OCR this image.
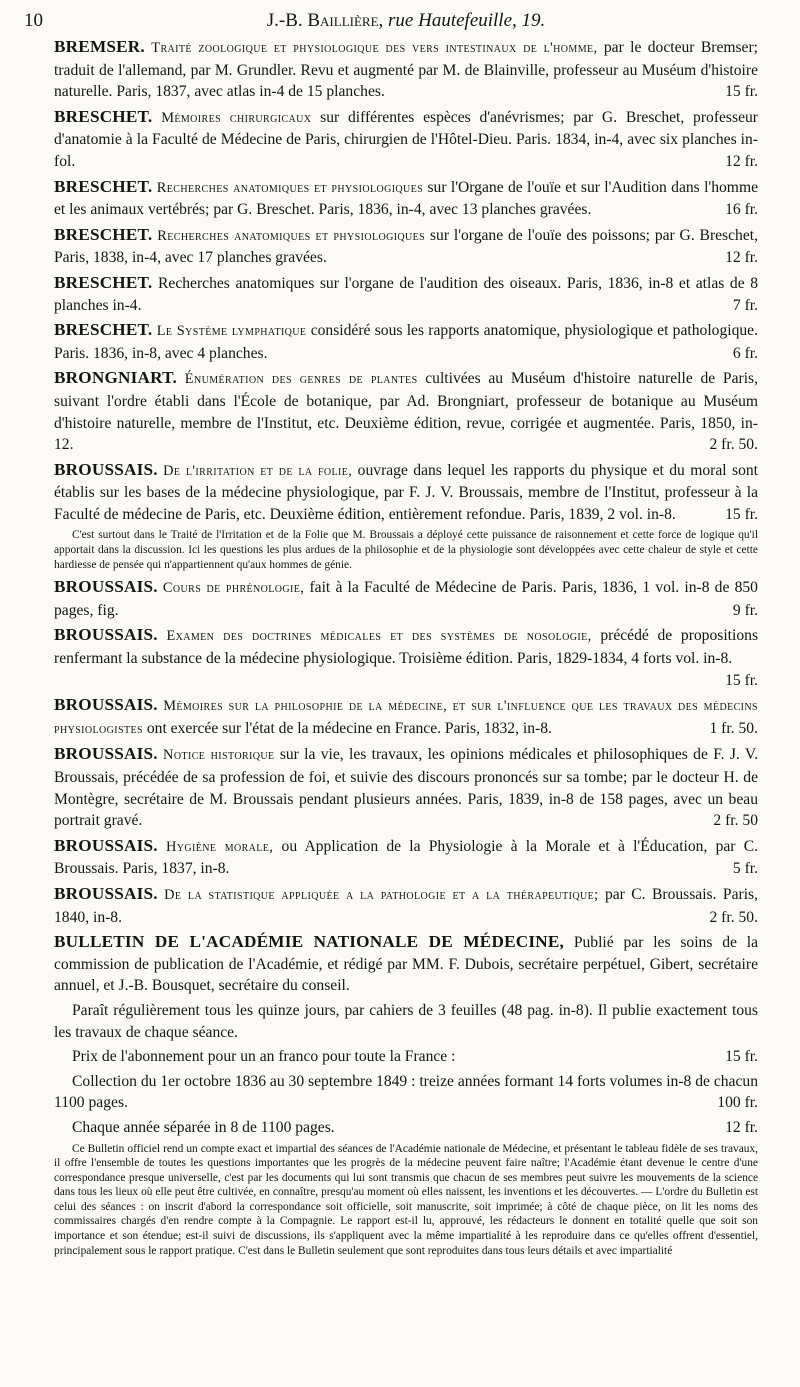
10	J.-B. Baillière, rue Hautefeuille, 19.

BREMSER. Traité zoologique et physiologique des vers intestinaux de l'homme, par le docteur Bremser; traduit de l'allemand, par M. Grundler. Revu et augmenté par M. de Blainville, professeur au Muséum d'histoire naturelle. Paris, 1837, avec atlas in-4 de 15 planches.	15 fr.

BRESCHET. Mémoires chirurgicaux sur différentes espèces d'anévrismes; par G. Breschet, professeur d'anatomie à la Faculté de Médecine de Paris, chirurgien de l'Hôtel-Dieu. Paris. 1834, in-4, avec six planches in-fol.	12 fr.

BRESCHET. Recherches anatomiques et physiologiques sur l'Organe de l'ouïe et sur l'Audition dans l'homme et les animaux vertébrés; par G. Breschet. Paris, 1836, in-4, avec 13 planches gravées.	16 fr.

BRESCHET. Recherches anatomiques et physiologiques sur l'organe de l'ouïe des poissons; par G. Breschet, Paris, 1838, in-4, avec 17 planches gravées.	12 fr.

BRESCHET. Recherches anatomiques sur l'organe de l'audition des oiseaux. Paris, 1836, in-8 et atlas de 8 planches in-4.	7 fr.

BRESCHET. Le Système lymphatique considéré sous les rapports anatomique, physiologique et pathologique. Paris. 1836, in-8, avec 4 planches.	6 fr.

BRONGNIART. Énumération des genres de plantes cultivées au Muséum d'histoire naturelle de Paris, suivant l'ordre établi dans l'École de botanique, par Ad. Brongniart, professeur de botanique au Muséum d'histoire naturelle, membre de l'Institut, etc. Deuxième édition, revue, corrigée et augmentée. Paris, 1850, in-12.	2 fr. 50.

BROUSSAIS. De l'irritation et de la folie, ouvrage dans lequel les rapports du physique et du moral sont établis sur les bases de la médecine physiologique, par F. J. V. Broussais, membre de l'Institut, professeur à la Faculté de médecine de Paris, etc. Deuxième édition, entièrement refondue. Paris, 1839, 2 vol. in-8.	15 fr.

C'est surtout dans le Traité de l'Irritation et de la Folie que M. Broussais a déployé cette puissance de raisonnement et cette force de logique qu'il apportait dans la discussion. Ici les questions les plus ardues de la philosophie et de la physiologie sont développées avec cette chaleur de style et cette hardiesse de pensée qui n'appartiennent qu'aux hommes de génie.

BROUSSAIS. Cours de phrénologie, fait à la Faculté de Médecine de Paris. Paris, 1836, 1 vol. in-8 de 850 pages, fig.	9 fr.

BROUSSAIS. Examen des doctrines médicales et des systèmes de nosologie, précédé de propositions renfermant la substance de la médecine physiologique. Troisième édition. Paris, 1829-1834, 4 forts vol. in-8.
15 fr.

BROUSSAIS. Mémoires sur la philosophie de la médecine, et sur l'influence que les travaux des médecins physiologistes ont exercée sur l'état de la médecine en France. Paris, 1832, in-8.	1 fr. 50.

BROUSSAIS. Notice historique sur la vie, les travaux, les opinions médicales et philosophiques de F. J. V. Broussais, précédée de sa profession de foi, et suivie des discours prononcés sur sa tombe; par le docteur H. de Montègre, secrétaire de M. Broussais pendant plusieurs années. Paris, 1839, in-8 de 158 pages, avec un beau portrait gravé.	2 fr. 50

BROUSSAIS. Hygiène morale, ou Application de la Physiologie à la Morale et à l'Éducation, par C. Broussais. Paris, 1837, in-8.	5 fr.

BROUSSAIS. De la statistique appliquée a la pathologie et a la thérapeutique; par C. Broussais. Paris, 1840, in-8.	2 fr. 50.

BULLETIN DE L'ACADÉMIE NATIONALE DE MÉDECINE, Publié par les soins de la commission de publication de l'Académie, et rédigé par MM. F. Dubois, secrétaire perpétuel, Gibert, secrétaire annuel, et J.-B. Bousquet, secrétaire du conseil.

Paraît régulièrement tous les quinze jours, par cahiers de 3 feuilles (48 pag. in-8). Il publie exactement tous les travaux de chaque séance.

Prix de l'abonnement pour un an franco pour toute la France :	15 fr.

Collection du 1er octobre 1836 au 30 septembre 1849 : treize années formant 14 forts volumes in-8 de chacun 1100 pages.	100 fr.

Chaque année séparée in 8 de 1100 pages.	12 fr.

Ce Bulletin officiel rend un compte exact et impartial des séances de l'Académie nationale de Médecine, et présentant le tableau fidèle de ses travaux, il offre l'ensemble de toutes les questions importantes que les progrès de la médecine peuvent faire naître; l'Académie étant devenue le centre d'une correspondance presque universelle, c'est par les documents qui lui sont transmis que chacun de ses membres peut suivre les mouvements de la science dans tous les lieux où elle peut être cultivée, en connaître, presqu'au moment où elles naissent, les inventions et les découvertes. — L'ordre du Bulletin est celui des séances : on inscrit d'abord la correspondance soit officielle, soit manuscrite, soit imprimée; à côté de chaque pièce, on lit les noms des commissaires chargés d'en rendre compte à la Compagnie. Le rapport est-il lu, approuvé, les rédacteurs le donnent en totalité quelle que soit son importance et son étendue; est-il suivi de discussions, ils s'appliquent avec la même impartialité à les reproduire dans ce qu'elles offrent d'essentiel, principalement sous le rapport pratique. C'est dans le Bulletin seulement que sont reproduites dans tous leurs détails et avec impartialité
